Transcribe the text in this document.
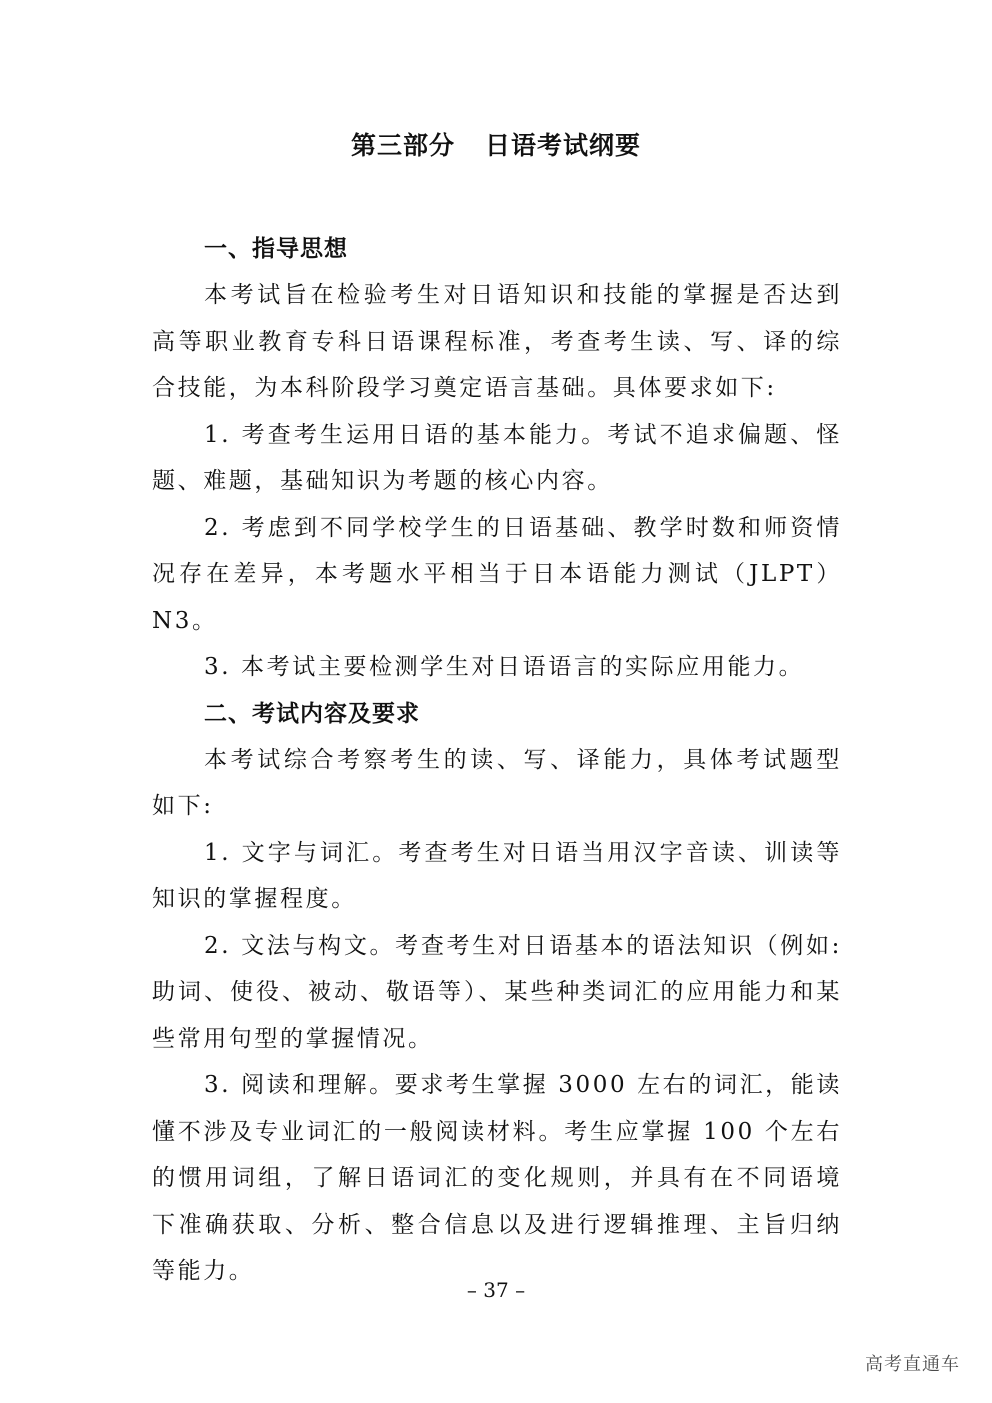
第三部分 日语考试纲要
一、指导思想

本考试旨在检验考生对日语知识和技能的掌握是否达到高等职业教育专科日语课程标准，考查考生读、写、译的综合技能，为本科阶段学习奠定语言基础。具体要求如下:

1. 考查考生运用日语的基本能力。考试不追求偏题、怪题、难题，基础知识为考题的核心内容。

2. 考虑到不同学校学生的日语基础、教学时数和师资情况存在差异，本考题水平相当于日本语能力测试（JLPT）N3。

3. 本考试主要检测学生对日语语言的实际应用能力。

二、考试内容及要求

本考试综合考察考生的读、写、译能力，具体考试题型如下:

1. 文字与词汇。考查考生对日语当用汉字音读、训读等知识的掌握程度。

2. 文法与构文。考查考生对日语基本的语法知识（例如: 助词、使役、被动、敬语等）、某些种类词汇的应用能力和某些常用句型的掌握情况。

3. 阅读和理解。要求考生掌握 3000 左右的词汇，能读懂不涉及专业词汇的一般阅读材料。考生应掌握 100 个左右的惯用词组，了解日语词汇的变化规则，并具有在不同语境下准确获取、分析、整合信息以及进行逻辑推理、主旨归纳等能力。

– 37 –
高考直通车
